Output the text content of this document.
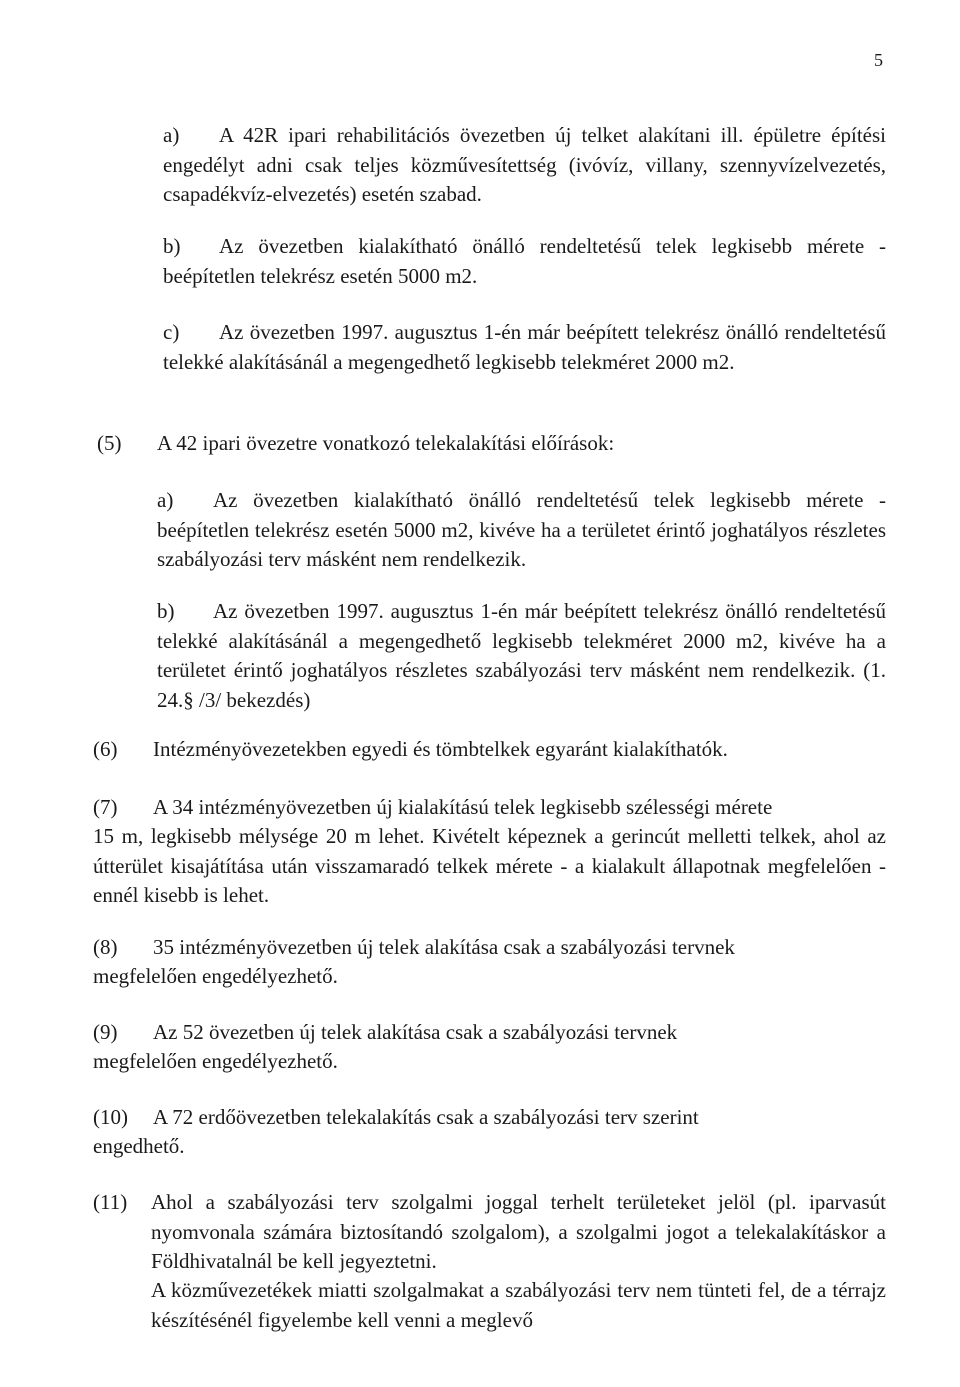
5

a) A 42R ipari rehabilitációs övezetben új telket alakítani ill. épületre építési engedélyt adni csak teljes közművesítettség (ivóvíz, villany, szennyvízelvezetés, csapadékvíz-elvezetés) esetén szabad.

b) Az övezetben kialakítható önálló rendeltetésű telek legkisebb mérete - beépítetlen telekrész esetén 5000 m2.

c) Az övezetben 1997. augusztus 1-én már beépített telekrész önálló rendeltetésű telekké alakításánál a megengedhető legkisebb telekméret 2000 m2.

(5) A 42 ipari övezetre vonatkozó telekalakítási előírások:

a) Az övezetben kialakítható önálló rendeltetésű telek legkisebb mérete - beépítetlen telekrész esetén 5000 m2, kivéve ha a területet érintő joghatályos részletes szabályozási terv másként nem rendelkezik.

b) Az övezetben 1997. augusztus 1-én már beépített telekrész önálló rendeltetésű telekké alakításánál a megengedhető legkisebb telekméret 2000 m2, kivéve ha a területet érintő joghatályos részletes szabályozási terv másként nem rendelkezik. (1. 24.§ /3/ bekezdés)

(6) Intézményövezetekben egyedi és tömbtelkek egyaránt kialakíthatók.

(7) A 34 intézményövezetben új kialakítású telek legkisebb szélességi mérete

15 m, legkisebb mélysége 20 m lehet. Kivételt képeznek a gerincút melletti telkek, ahol az útterület kisajátítása után visszamaradó telkek mérete - a kialakult állapotnak megfelelően - ennél kisebb is lehet.

(8) 35 intézményövezetben új telek alakítása csak a szabályozási tervnek

megfelelően engedélyezhető.

(9) Az 52 övezetben új telek alakítása csak a szabályozási tervnek

megfelelően engedélyezhető.

(10) A 72 erdőövezetben telekalakítás csak a szabályozási terv szerint

engedhető.

(11) Ahol a szabályozási terv szolgalmi joggal terhelt területeket jelöl (pl. iparvasút nyomvonala számára biztosítandó szolgalom), a szolgalmi jogot a telekalakításkor a Földhivatalnál be kell jegyeztetni.

A közművezetékek miatti szolgalmakat a szabályozási terv nem tünteti fel, de a térrajz készítésénél figyelembe kell venni a meglevő
